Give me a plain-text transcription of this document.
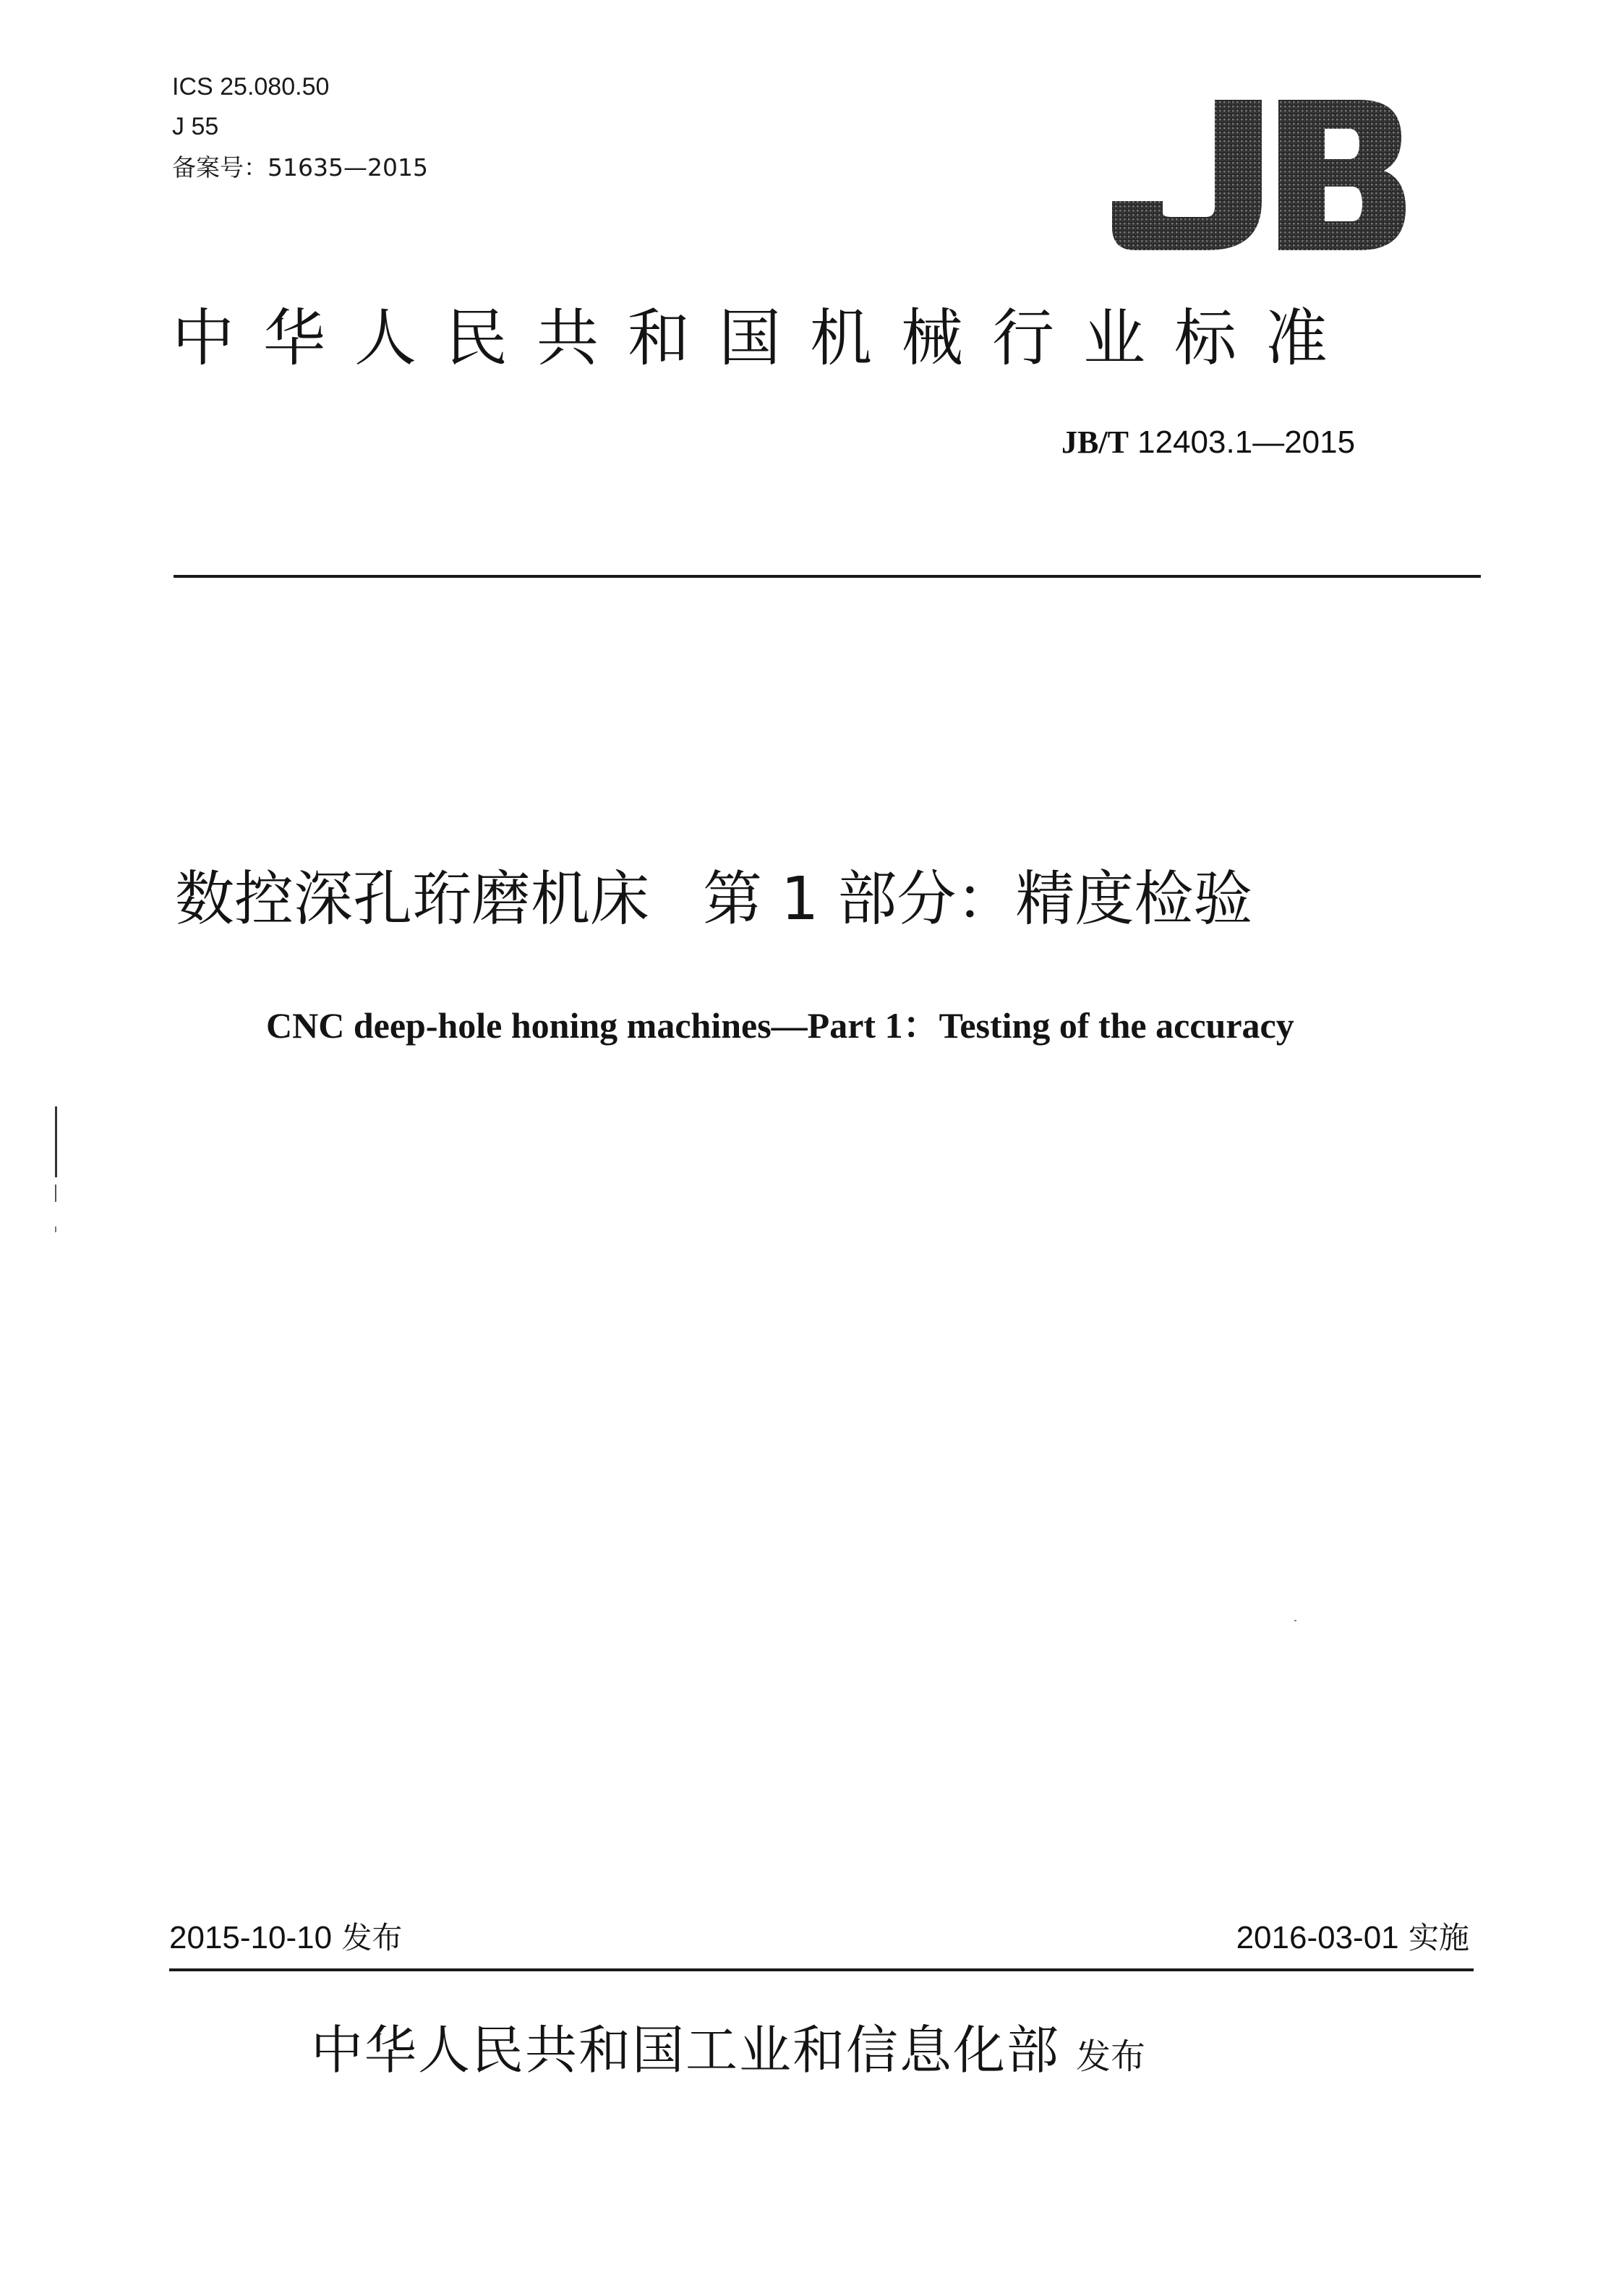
ICS 25.080.50
J 55
备案号：51635—2015
中华人民共和国机械行业标准
JB/T 12403.1—2015
数控深孔珩磨机床 第 1 部分：精度检验
CNC deep-hole honing machines—Part 1：Testing of the accuracy
2015-10-10 发布	2016-03-01 实施
中华人民共和国工业和信息化部 发布
